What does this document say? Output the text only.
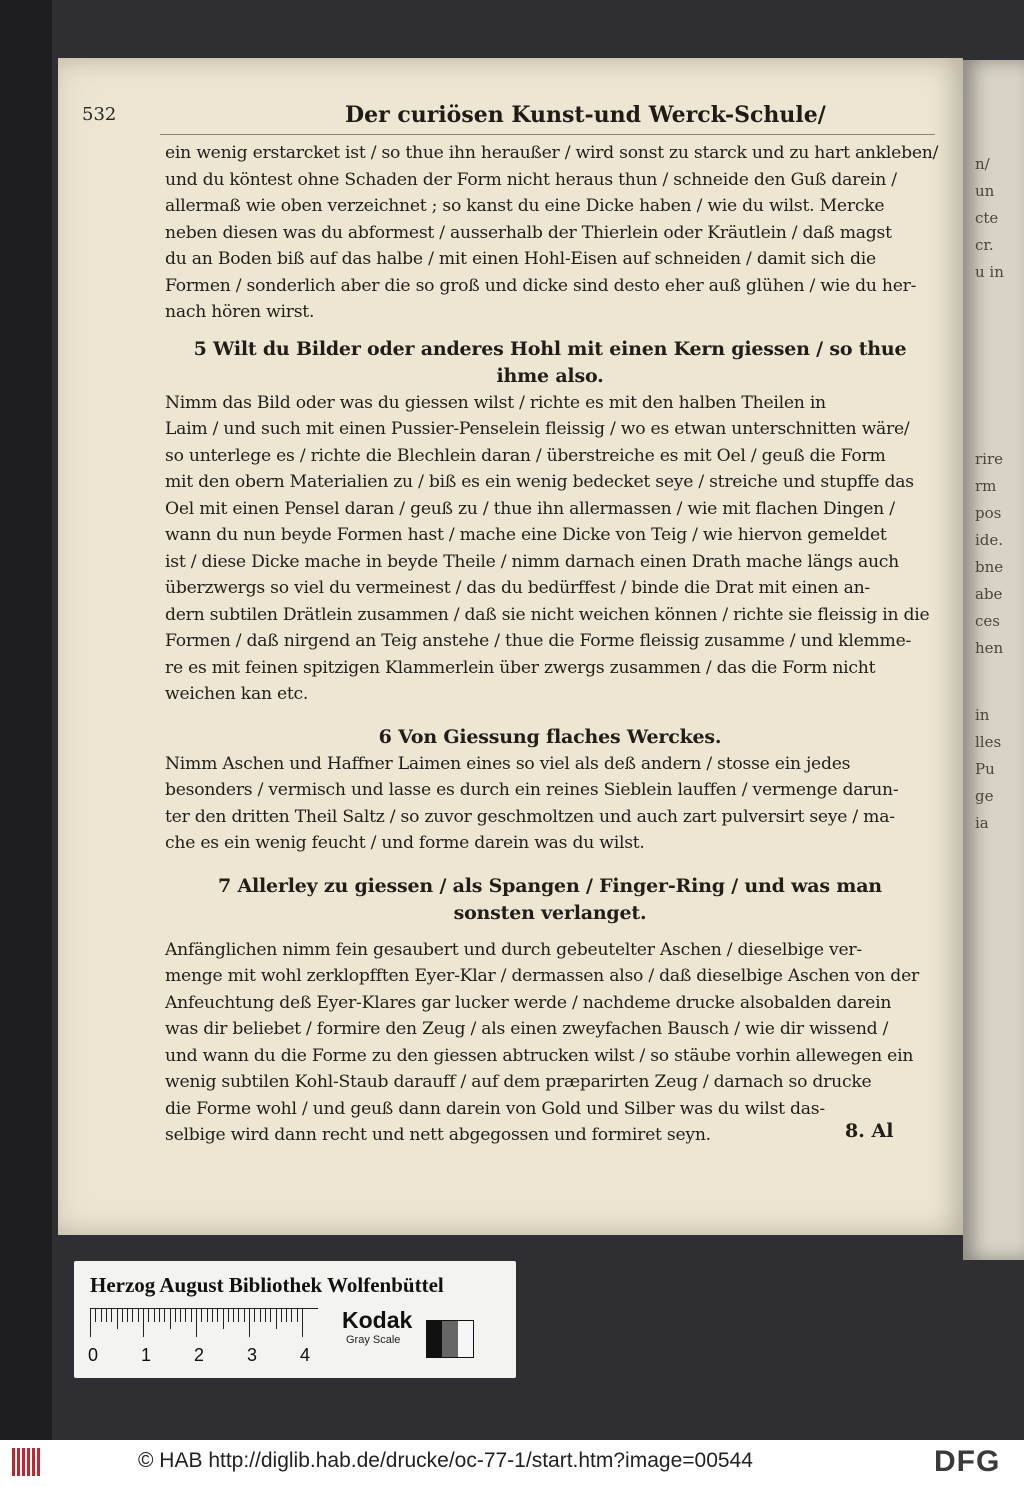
n/
un
cte
cr.
u in
rire
rm
pos
ide.
bne
abe
ces
hen
in
lles
Pu
ge
ia
532	Der curiösen Kunst-und Werck-Schule/
ein wenig erstarcket ist / so thue ihn heraußer / wird sonst zu starck und zu hart ankleben/
und du köntest ohne Schaden der Form nicht heraus thun / schneide den Guß darein /
allermaß wie oben verzeichnet ; so kanst du eine Dicke haben / wie du wilst. Mercke
neben diesen was du abformest / ausserhalb der Thierlein oder Kräutlein / daß magst
du an Boden biß auf das halbe / mit einen Hohl-Eisen auf schneiden / damit sich die
Formen / sonderlich aber die so groß und dicke sind desto eher auß glühen / wie du her-
nach hören wirst.
5 Wilt du Bilder oder anderes Hohl mit einen Kern giessen / so thue
ihme also.
Nimm das Bild oder was du giessen wilst / richte es mit den halben Theilen in
Laim / und such mit einen Pussier-Penselein fleissig / wo es etwan unterschnitten wäre/
so unterlege es / richte die Blechlein daran / überstreiche es mit Oel / geuß die Form
mit den obern Materialien zu / biß es ein wenig bedecket seye / streiche und stupffe das
Oel mit einen Pensel daran / geuß zu / thue ihn allermassen / wie mit flachen Dingen /
wann du nun beyde Formen hast / mache eine Dicke von Teig / wie hiervon gemeldet
ist / diese Dicke mache in beyde Theile / nimm darnach einen Drath mache längs auch
überzwergs so viel du vermeinest / das du bedürffest / binde die Drat mit einen an-
dern subtilen Drätlein zusammen / daß sie nicht weichen können / richte sie fleissig in die
Formen / daß nirgend an Teig anstehe / thue die Forme fleissig zusamme / und klemme-
re es mit feinen spitzigen Klammerlein über zwergs zusammen / das die Form nicht
weichen kan etc.
6 Von Giessung flaches Werckes.
Nimm Aschen und Haffner Laimen eines so viel als deß andern / stosse ein jedes
besonders / vermisch und lasse es durch ein reines Sieblein lauffen / vermenge darun-
ter den dritten Theil Saltz / so zuvor geschmoltzen und auch zart pulversirt seye / ma-
che es ein wenig feucht / und forme darein was du wilst.
7 Allerley zu giessen / als Spangen / Finger-Ring / und was man
sonsten verlanget.
Anfänglichen nimm fein gesaubert und durch gebeutelter Aschen / dieselbige ver-
menge mit wohl zerklopfften Eyer-Klar / dermassen also / daß dieselbige Aschen von der
Anfeuchtung deß Eyer-Klares gar lucker werde / nachdeme drucke alsobalden darein
was dir beliebet / formire den Zeug / als einen zweyfachen Bausch / wie dir wissend /
und wann du die Forme zu den giessen abtrucken wilst / so stäube vorhin allewegen ein
wenig subtilen Kohl-Staub darauff / auf dem præparirten Zeug / darnach so drucke
die Forme wohl / und geuß dann darein von Gold und Silber was du wilst das-
selbige wird dann recht und nett abgegossen und formiret seyn.	8. Al
Herzog August Bibliothek Wolfenbüttel
0 1 2 3 4
Kodak
Gray Scale
© HAB http://diglib.hab.de/drucke/oc-77-1/start.htm?image=00544	DFG
